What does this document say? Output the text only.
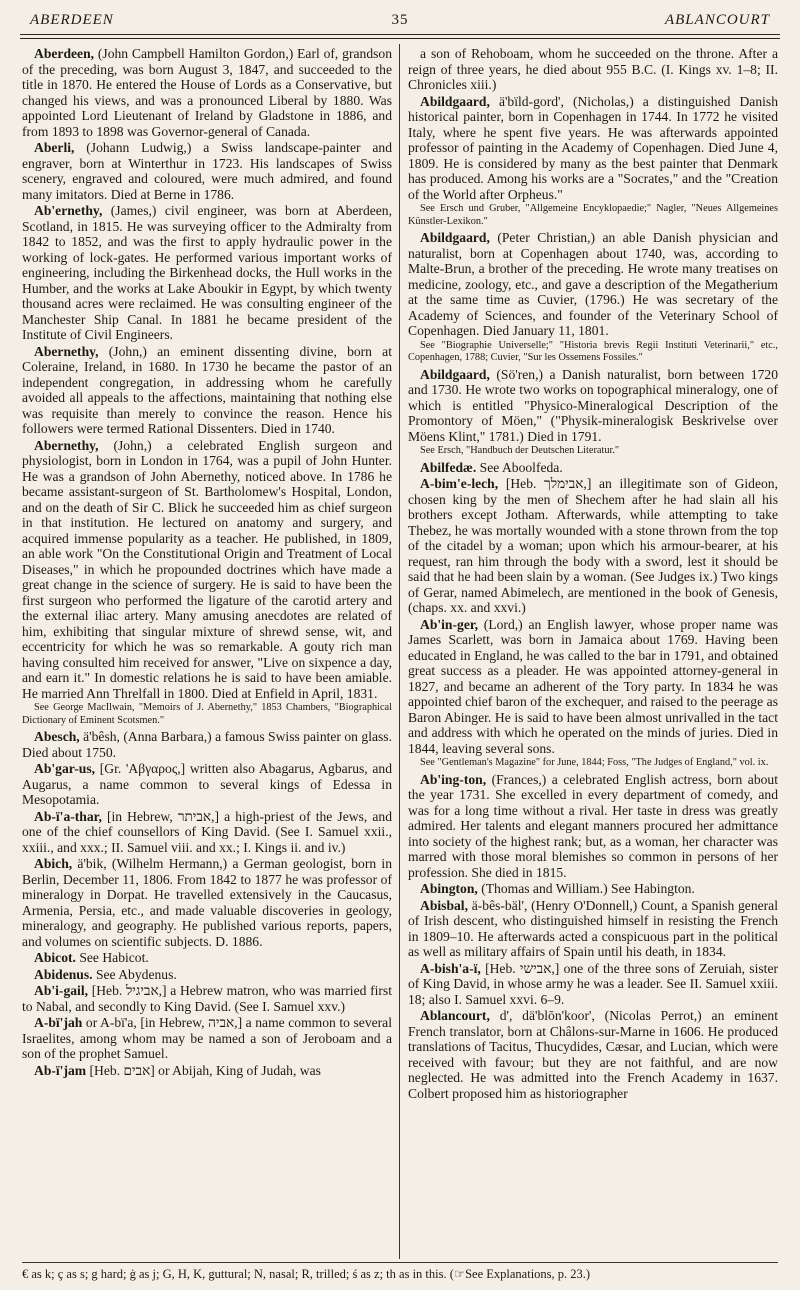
ABERDEEN	35	ABLANCOURT

Aberdeen, (John Campbell Hamilton Gordon,) Earl of, grandson of the preceding, was born August 3, 1847, and succeeded to the title in 1870. He entered the House of Lords as a Conservative, but changed his views, and was a pronounced Liberal by 1880. Was appointed Lord Lieutenant of Ireland by Gladstone in 1886, and from 1893 to 1898 was Governor-general of Canada.

Aberli, (Johann Ludwig,) a Swiss landscape-painter and engraver, born at Winterthur in 1723. His landscapes of Swiss scenery, engraved and coloured, were much admired, and found many imitators. Died at Berne in 1786.

Ab'ernethy, (James,) civil engineer, was born at Aberdeen, Scotland, in 1815. He was surveying officer to the Admiralty from 1842 to 1852, and was the first to apply hydraulic power in the working of lock-gates. He performed various important works of engineering, including the Birkenhead docks, the Hull works in the Humber, and the works at Lake Aboukir in Egypt, by which twenty thousand acres were reclaimed. He was consulting engineer of the Manchester Ship Canal. In 1881 he became president of the Institute of Civil Engineers.

Abernethy, (John,) an eminent dissenting divine, born at Coleraine, Ireland, in 1680. In 1730 he became the pastor of an independent congregation, in addressing whom he carefully avoided all appeals to the affections, maintaining that nothing else was requisite than merely to convince the reason. Hence his followers were termed Rational Dissenters. Died in 1740.

Abernethy, (John,) a celebrated English surgeon and physiologist, born in London in 1764, was a pupil of John Hunter. He was a grandson of John Abernethy, noticed above. In 1786 he became assistant-surgeon of St. Bartholomew's Hospital, London, and on the death of Sir C. Blick he succeeded him as chief surgeon in that institution. He lectured on anatomy and surgery, and acquired immense popularity as a teacher. He published, in 1809, an able work "On the Constitutional Origin and Treatment of Local Diseases," in which he propounded doctrines which have made a great change in the science of surgery. He is said to have been the first surgeon who performed the ligature of the carotid artery and the external iliac artery. Many amusing anecdotes are related of him, exhibiting that singular mixture of shrewd sense, wit, and eccentricity for which he was so remarkable. A gouty rich man having consulted him received for answer, "Live on sixpence a day, and earn it." In domestic relations he is said to have been amiable. He married Ann Threlfall in 1800. Died at Enfield in April, 1831.

See George MacIlwain, "Memoirs of J. Abernethy," 1853 Chambers, "Biographical Dictionary of Eminent Scotsmen."

Abesch, ä'bêsh, (Anna Barbara,) a famous Swiss painter on glass. Died about 1750.

Ab'gar-us, [Gr. 'Αβγαρος,] written also Abagarus, Agbarus, and Augarus, a name common to several kings of Edessa in Mesopotamia.

Ab-ï'a-thar, [in Hebrew, אביתר,] a high-priest of the Jews, and one of the chief counsellors of King David. (See I. Samuel xxii., xxiii., and xxx.; II. Samuel viii. and xx.; I. Kings ii. and iv.)

Abich, ä'bik, (Wilhelm Hermann,) a German geologist, born in Berlin, December 11, 1806. From 1842 to 1877 he was professor of mineralogy in Dorpat. He travelled extensively in the Caucasus, Armenia, Persia, etc., and made valuable discoveries in geology, mineralogy, and geography. He published various reports, papers, and volumes on scientific subjects. D. 1886.

Abicot. See Habicot.

Abidenus. See Abydenus.

Ab'i-gail, [Heb. אביגיל,] a Hebrew matron, who was married first to Nabal, and secondly to King David. (See I. Samuel xxv.)

A-bï'jah or A-bï'a, [in Hebrew, אביה,] a name common to several Israelites, among whom may be named a son of Jeroboam and a son of the prophet Samuel.

Ab-ï'jam [Heb. אבים] or Abijah, King of Judah, was

a son of Rehoboam, whom he succeeded on the throne. After a reign of three years, he died about 955 B.C. (I. Kings xv. 1–8; II. Chronicles xiii.)

Abildgaard, ä'bïld-gord', (Nicholas,) a distinguished Danish historical painter, born in Copenhagen in 1744. In 1772 he visited Italy, where he spent five years. He was afterwards appointed professor of painting in the Academy of Copenhagen. Died June 4, 1809. He is considered by many as the best painter that Denmark has produced. Among his works are a "Socrates," and the "Creation of the World after Orpheus."

See Ersch und Gruber, "Allgemeine Encyklopaedie;" Nagler, "Neues Allgemeines Künstler-Lexikon."

Abildgaard, (Peter Christian,) an able Danish physician and naturalist, born at Copenhagen about 1740, was, according to Malte-Brun, a brother of the preceding. He wrote many treatises on medicine, zoology, etc., and gave a description of the Megatherium at the same time as Cuvier, (1796.) He was secretary of the Academy of Sciences, and founder of the Veterinary School of Copenhagen. Died January 11, 1801.

See "Biographie Universelle;" "Historia brevis Regii Instituti Veterinarii," etc., Copenhagen, 1788; Cuvier, "Sur les Ossemens Fossiles."

Abildgaard, (Sö'ren,) a Danish naturalist, born between 1720 and 1730. He wrote two works on topographical mineralogy, one of which is entitled "Physico-Mineralogical Description of the Promontory of Möen," ("Physik-mineralogisk Beskrivelse over Möens Klint," 1781.) Died in 1791.

See Ersch, "Handbuch der Deutschen Literatur."

Abilfedæ. See Aboolfeda.

A-bim'e-lech, [Heb. אבימלך,] an illegitimate son of Gideon, chosen king by the men of Shechem after he had slain all his brothers except Jotham. Afterwards, while attempting to take Thebez, he was mortally wounded with a stone thrown from the top of the citadel by a woman; upon which his armour-bearer, at his request, ran him through the body with a sword, lest it should be said that he had been slain by a woman. (See Judges ix.) Two kings of Gerar, named Abimelech, are mentioned in the book of Genesis, (chaps. xx. and xxvi.)

Ab'in-ger, (Lord,) an English lawyer, whose proper name was James Scarlett, was born in Jamaica about 1769. Having been educated in England, he was called to the bar in 1791, and obtained great success as a pleader. He was appointed attorney-general in 1827, and became an adherent of the Tory party. In 1834 he was appointed chief baron of the exchequer, and raised to the peerage as Baron Abinger. He is said to have been almost unrivalled in the tact and address with which he operated on the minds of juries. Died in 1844, leaving several sons.

See "Gentleman's Magazine" for June, 1844; Foss, "The Judges of England," vol. ix.

Ab'ing-ton, (Frances,) a celebrated English actress, born about the year 1731. She excelled in every department of comedy, and was for a long time without a rival. Her taste in dress was greatly admired. Her talents and elegant manners procured her admittance into society of the highest rank; but, as a woman, her character was marred with those moral blemishes so common in persons of her profession. She died in 1815.

Abington, (Thomas and William.) See Habington.

Abisbal, ä-bês-bäl', (Henry O'Donnell,) Count, a Spanish general of Irish descent, who distinguished himself in resisting the French in 1809–10. He afterwards acted a conspicuous part in the political as well as military affairs of Spain until his death, in 1834.

A-bish'a-ï, [Heb. אבישי,] one of the three sons of Zeruiah, sister of King David, in whose army he was a leader. See II. Samuel xxiii. 18; also I. Samuel xxvi. 6–9.

Ablancourt, d', dä'blōn'koor', (Nicolas Perrot,) an eminent French translator, born at Châlons-sur-Marne in 1606. He produced translations of Tacitus, Thucydides, Cæsar, and Lucian, which were received with favour; but they are not faithful, and are now neglected. He was admitted into the French Academy in 1637. Colbert proposed him as historiographer

€ as k; ç as s; g hard; ġ as j; G, H, K, guttural; N, nasal; R, trilled; ś as z; th as in this. (☞See Explanations, p. 23.)
